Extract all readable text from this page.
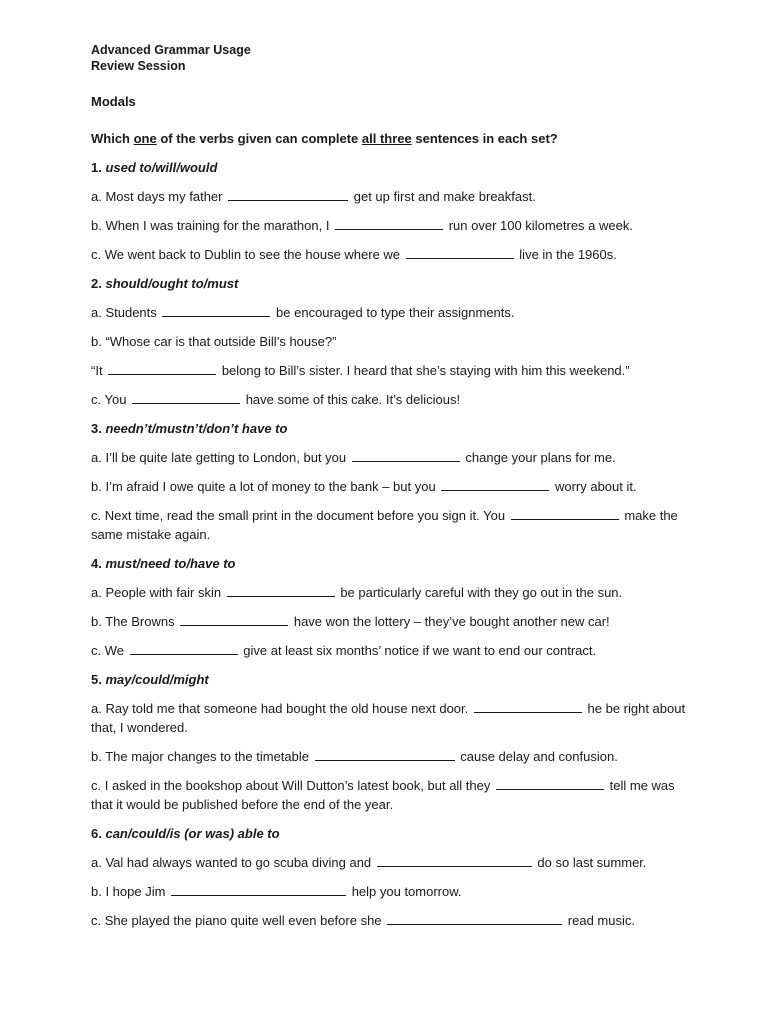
Advanced Grammar Usage

Review Session

Modals

Which one of the verbs given can complete all three sentences in each set?

1. used to/will/would

a. Most days my father	get up first and make breakfast.

b. When I was training for the marathon, I	run over 100 kilometres a week.

c. We went back to Dublin to see the house where we	live in the 1960s.

2. should/ought to/must

a. Students	be encouraged to type their assignments.

b. “Whose car is that outside Bill’s house?”

“It	belong to Bill’s sister. I heard that she’s staying with him this weekend.”

c. You	have some of this cake. It’s delicious!

3. needn’t/mustn’t/don’t have to

a. I’ll be quite late getting to London, but you	change your plans for me.

b. I’m afraid I owe quite a lot of money to the bank – but you	worry about it.

c. Next time, read the small print in the document before you sign it. You	make the same mistake again.

4. must/need to/have to

a. People with fair skin	be particularly careful with they go out in the sun.

b. The Browns	have won the lottery – they’ve bought another new car!

c. We	give at least six months’ notice if we want to end our contract.

5. may/could/might

a. Ray told me that someone had bought the old house next door.	he be right about that, I wondered.

b. The major changes to the timetable	cause delay and confusion.

c. I asked in the bookshop about Will Dutton’s latest book, but all they	tell me was that it would be published before the end of the year.

6. can/could/is (or was) able to

a. Val had always wanted to go scuba diving and	do so last summer.

b. I hope Jim	help you tomorrow.

c. She played the piano quite well even before she	read music.
